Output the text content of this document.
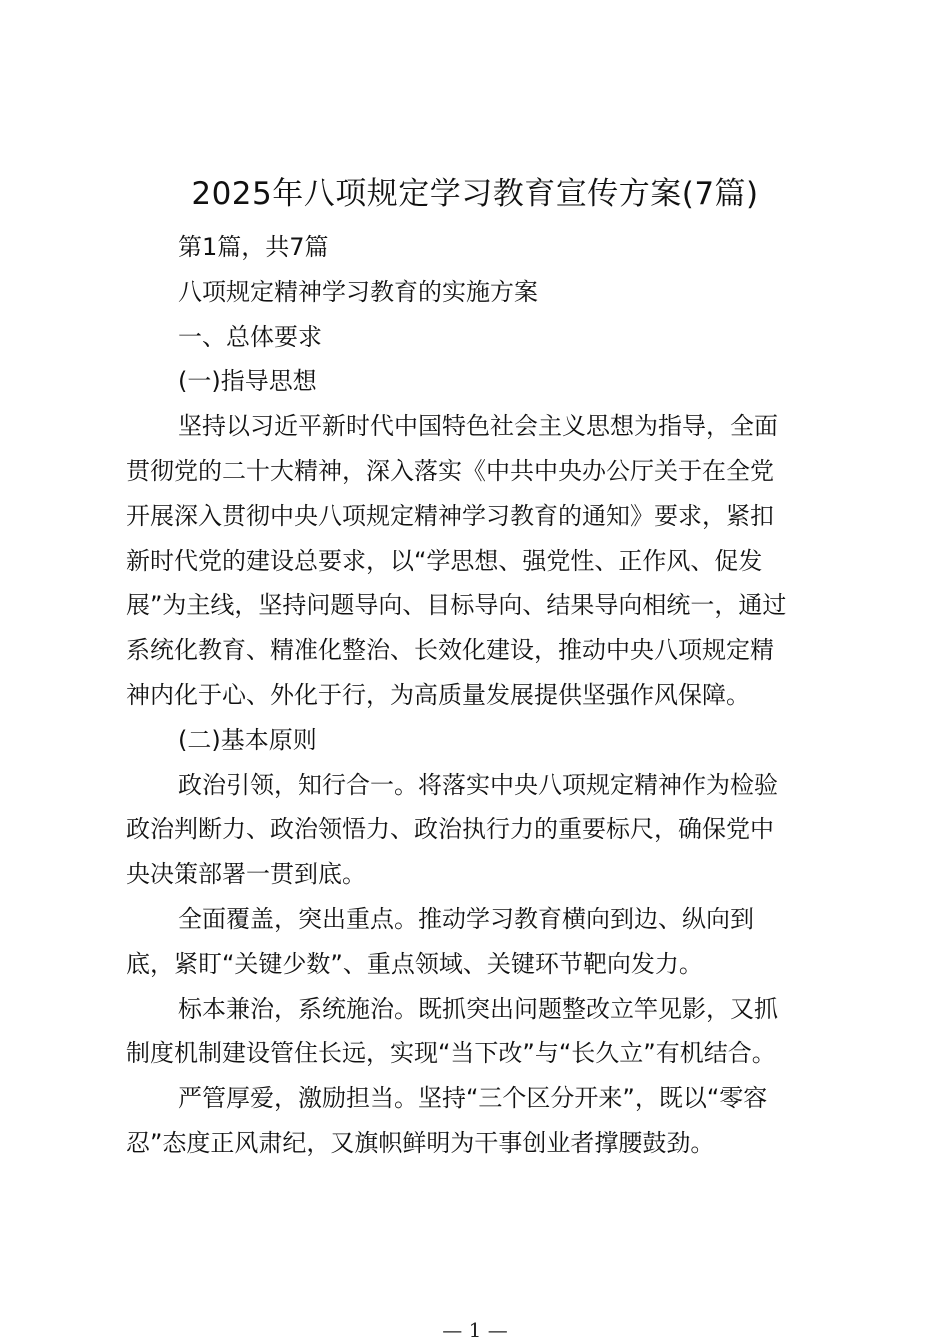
2025年八项规定学习教育宣传方案(7篇)

第1篇，共7篇

八项规定精神学习教育的实施方案

一、总体要求

(一)指导思想

坚持以习近平新时代中国特色社会主义思想为指导，全面

贯彻党的二十大精神，深入落实《中共中央办公厅关于在全党

开展深入贯彻中央八项规定精神学习教育的通知》要求，紧扣

新时代党的建设总要求，以“学思想、强党性、正作风、促发

展”为主线，坚持问题导向、目标导向、结果导向相统一，通过

系统化教育、精准化整治、长效化建设，推动中央八项规定精

神内化于心、外化于行，为高质量发展提供坚强作风保障。

(二)基本原则

政治引领，知行合一。将落实中央八项规定精神作为检验

政治判断力、政治领悟力、政治执行力的重要标尺，确保党中

央决策部署一贯到底。

全面覆盖，突出重点。推动学习教育横向到边、纵向到

底，紧盯“关键少数”、重点领域、关键环节靶向发力。

标本兼治，系统施治。既抓突出问题整改立竿见影，又抓

制度机制建设管住长远，实现“当下改”与“长久立”有机结合。

严管厚爱，激励担当。坚持“三个区分开来”，既以“零容

忍”态度正风肃纪，又旗帜鲜明为干事创业者撑腰鼓劲。

— 1 —
